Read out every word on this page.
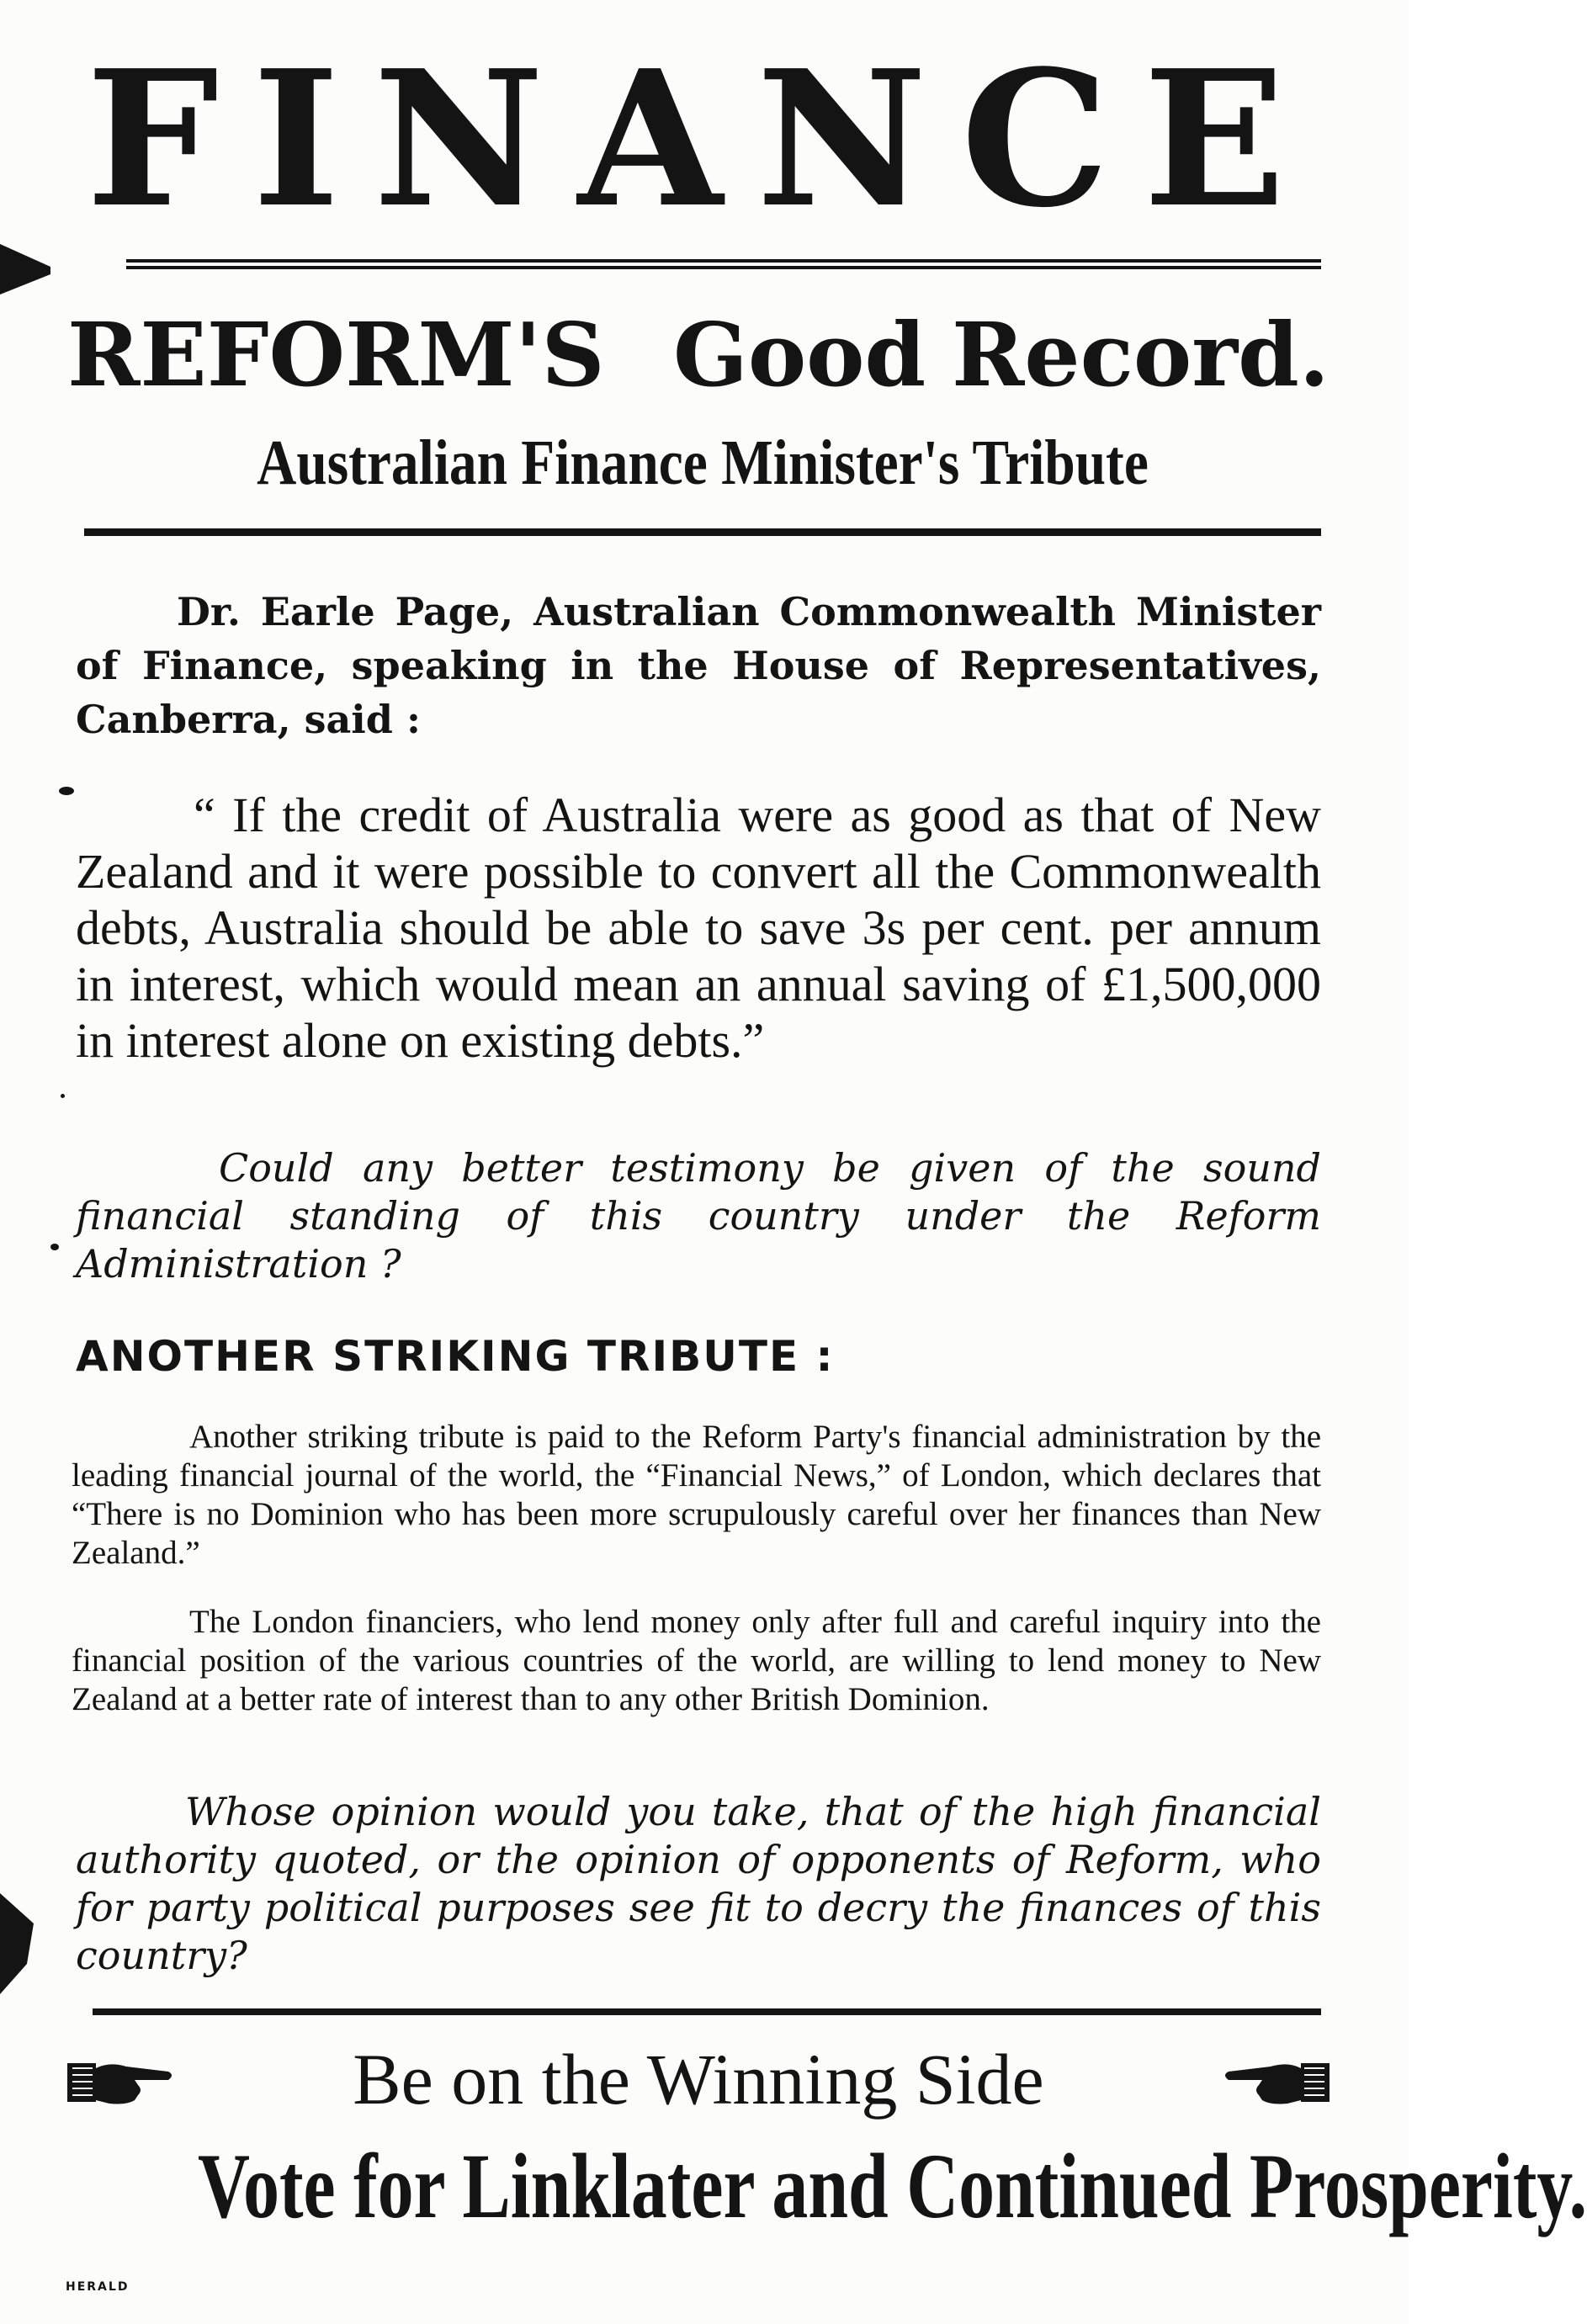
FINANCE
REFORM'S Good Record.
Australian Finance Minister's Tribute

Dr. Earle Page, Australian Commonwealth Minister of Finance, speaking in the House of Representatives, Canberra, said :

“ If the credit of Australia were as good as that of New Zealand and it were possible to convert all the Commonwealth debts, Australia should be able to save 3s per cent. per annum in interest, which would mean an annual saving of £1,500,000 in interest alone on existing debts.”

Could any better testimony be given of the sound financial standing of this country under the Reform Administration ?

ANOTHER STRIKING TRIBUTE :

Another striking tribute is paid to the Reform Party's financial administration by the leading financial journal of the world, the “Financial News,” of London, which declares that “There is no Dominion who has been more scrupulously careful over her finances than New Zealand.”

The London financiers, who lend money only after full and careful inquiry into the financial position of the various countries of the world, are willing to lend money to New Zealand at a better rate of interest than to any other British Dominion.

Whose opinion would you take, that of the high financial authority quoted, or the opinion of opponents of Reform, who for party political purposes see fit to decry the finances of this country?

Be on the Winning Side
Vote for Linklater and Continued Prosperity.
HERALD
